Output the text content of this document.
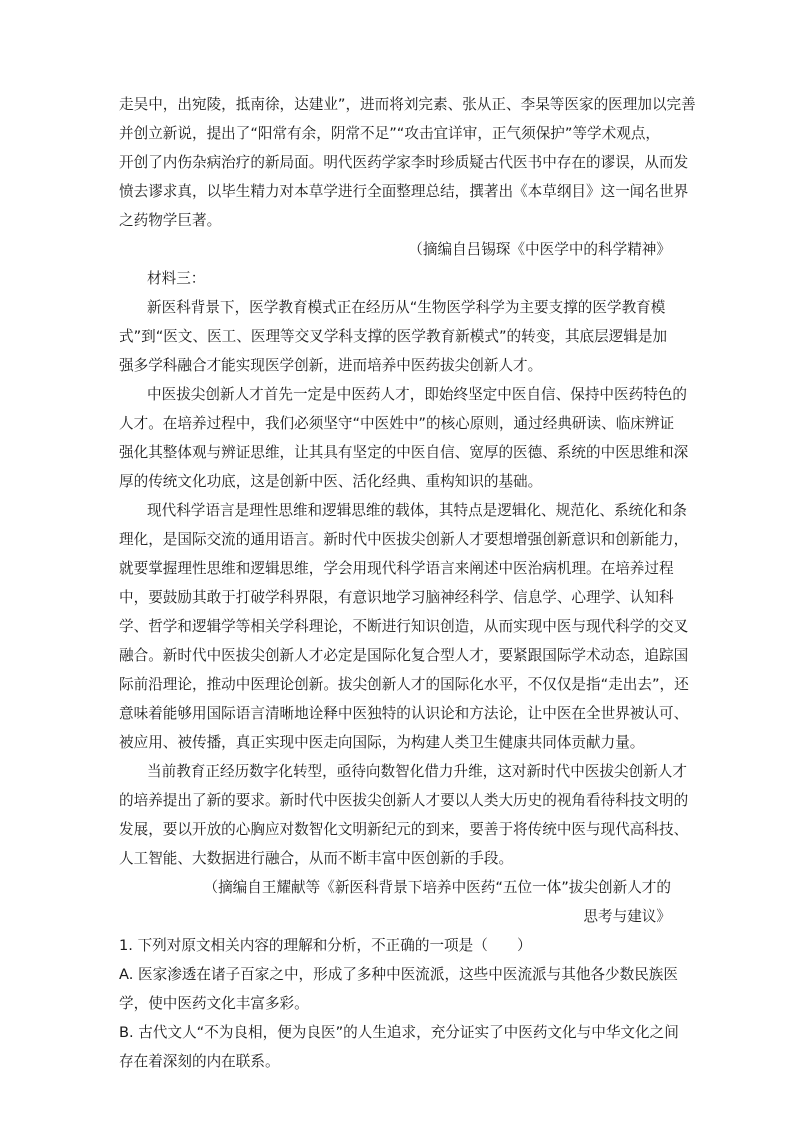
走吴中，出宛陵，抵南徐，达建业”，进而将刘完素、张从正、李杲等医家的医理加以完善
并创立新说，提出了“阳常有余，阴常不足”“攻击宜详审，正气须保护”等学术观点，
开创了内伤杂病治疗的新局面。明代医药学家李时珍质疑古代医书中存在的谬误，从而发
愤去谬求真，以毕生精力对本草学进行全面整理总结，撰著出《本草纲目》这一闻名世界
之药物学巨著。
（摘编自吕锡琛《中医学中的科学精神》
材料三：
新医科背景下，医学教育模式正在经历从“生物医学科学为主要支撑的医学教育模
式”到“医文、医工、医理等交叉学科支撑的医学教育新模式”的转变，其底层逻辑是加
强多学科融合才能实现医学创新，进而培养中医药拔尖创新人才。
中医拔尖创新人才首先一定是中医药人才，即始终坚定中医自信、保持中医药特色的
人才。在培养过程中，我们必须坚守“中医姓中”的核心原则，通过经典研读、临床辨证
强化其整体观与辨证思维，让其具有坚定的中医自信、宽厚的医德、系统的中医思维和深
厚的传统文化功底，这是创新中医、活化经典、重构知识的基础。
现代科学语言是理性思维和逻辑思维的载体，其特点是逻辑化、规范化、系统化和条
理化，是国际交流的通用语言。新时代中医拔尖创新人才要想增强创新意识和创新能力，
就要掌握理性思维和逻辑思维，学会用现代科学语言来阐述中医治病机理。在培养过程
中，要鼓励其敢于打破学科界限，有意识地学习脑神经科学、信息学、心理学、认知科
学、哲学和逻辑学等相关学科理论，不断进行知识创造，从而实现中医与现代科学的交叉
融合。新时代中医拔尖创新人才必定是国际化复合型人才，要紧跟国际学术动态，追踪国
际前沿理论，推动中医理论创新。拔尖创新人才的国际化水平，不仅仅是指“走出去”，还
意味着能够用国际语言清晰地诠释中医独特的认识论和方法论，让中医在全世界被认可、
被应用、被传播，真正实现中医走向国际，为构建人类卫生健康共同体贡献力量。
当前教育正经历数字化转型，亟待向数智化借力升维，这对新时代中医拔尖创新人才
的培养提出了新的要求。新时代中医拔尖创新人才要以人类大历史的视角看待科技文明的
发展，要以开放的心胸应对数智化文明新纪元的到来，要善于将传统中医与现代高科技、
人工智能、大数据进行融合，从而不断丰富中医创新的手段。
（摘编自王耀献等《新医科背景下培养中医药“五位一体”拔尖创新人才的
思考与建议》
1. 下列对原文相关内容的理解和分析，不正确的一项是（　　）
A. 医家渗透在诸子百家之中，形成了多种中医流派，这些中医流派与其他各少数民族医
学，使中医药文化丰富多彩。
B. 古代文人“不为良相，便为良医”的人生追求，充分证实了中医药文化与中华文化之间
存在着深刻的内在联系。
